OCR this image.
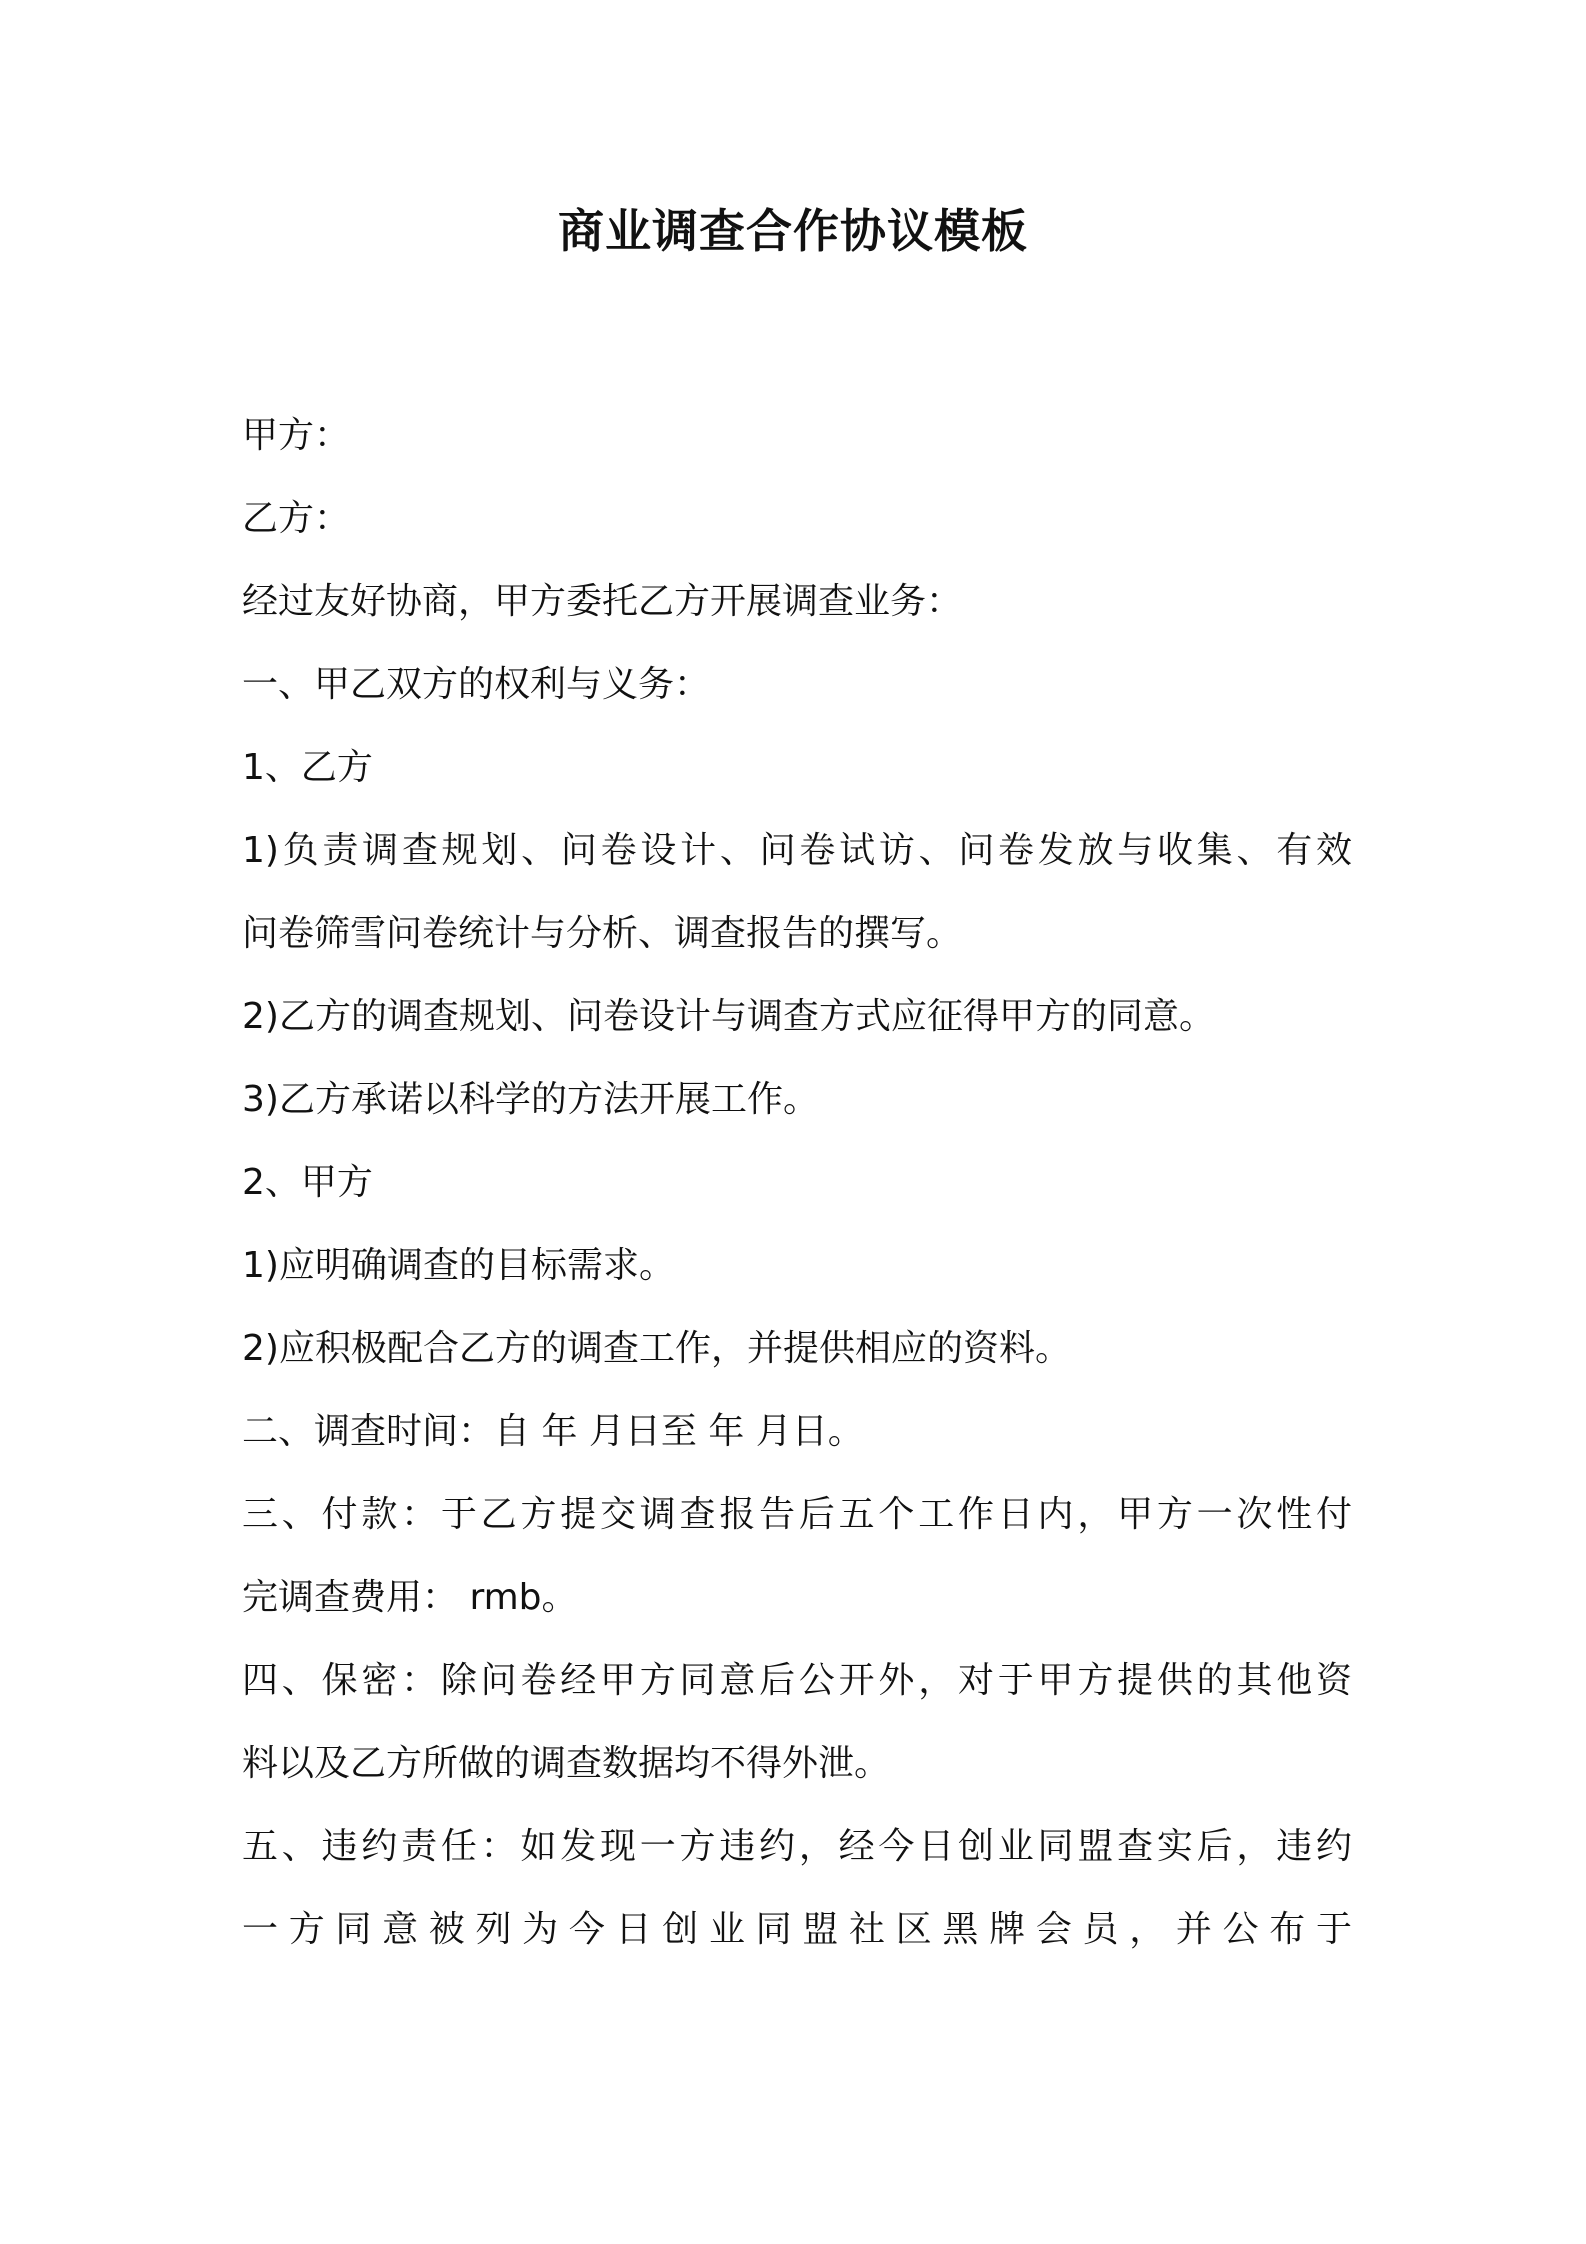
商业调查合作协议模板
甲方：
乙方：
经过友好协商，甲方委托乙方开展调查业务：
一、甲乙双方的权利与义务：
1、乙方
1)负责调查规划、问卷设计、问卷试访、问卷发放与收集、有效
问卷筛雪问卷统计与分析、调查报告的撰写。
2)乙方的调查规划、问卷设计与调查方式应征得甲方的同意。
3)乙方承诺以科学的方法开展工作。
2、甲方
1)应明确调查的目标需求。
2)应积极配合乙方的调查工作，并提供相应的资料。
二、调查时间：自 年 月日至 年 月日。
三、付款：于乙方提交调查报告后五个工作日内，甲方一次性付
完调查费用： rmb。
四、保密：除问卷经甲方同意后公开外，对于甲方提供的其他资
料以及乙方所做的调查数据均不得外泄。
五、违约责任：如发现一方违约，经今日创业同盟查实后，违约
一方同意被列为今日创业同盟社区黑牌会员，并公布于
